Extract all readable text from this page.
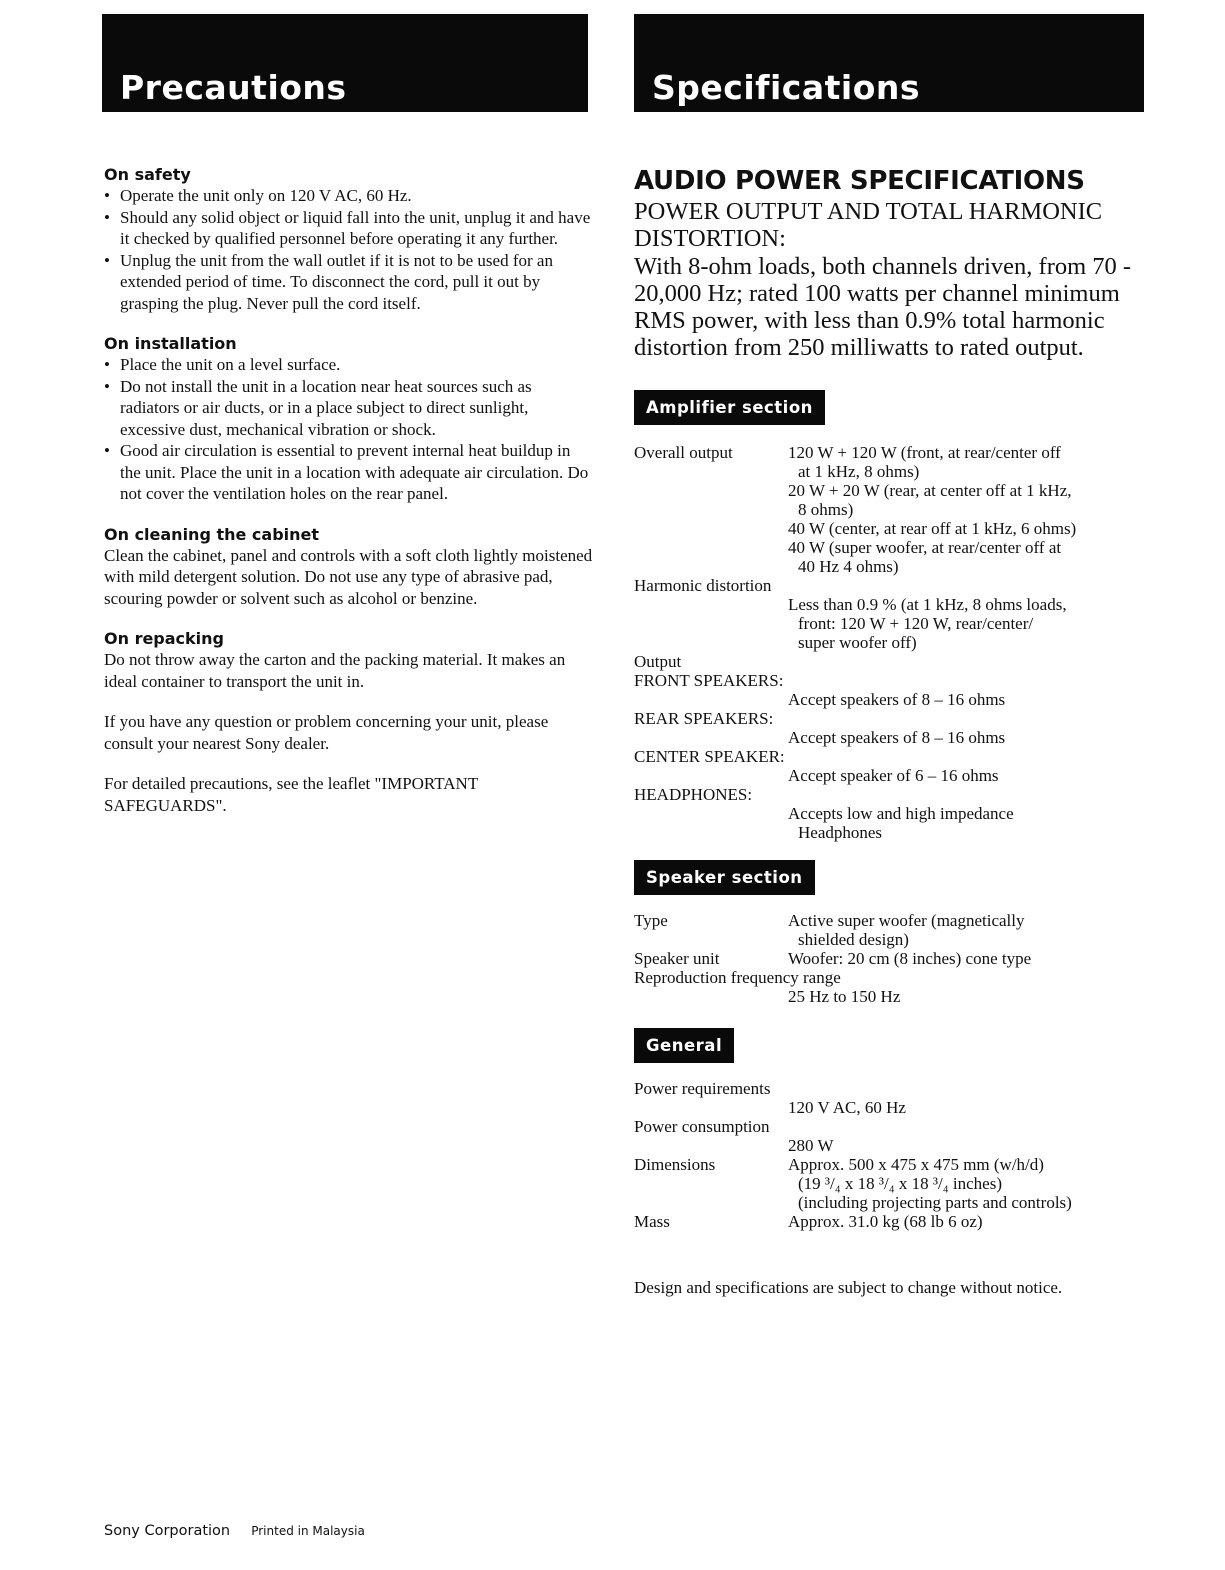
Precautions	Specifications
On safety
• Operate the unit only on 120 V AC, 60 Hz.
• Should any solid object or liquid fall into the unit, unplug it and have it checked by qualified personnel before operating it any further.
• Unplug the unit from the wall outlet if it is not to be used for an extended period of time. To disconnect the cord, pull it out by grasping the plug. Never pull the cord itself.
On installation
• Place the unit on a level surface.
• Do not install the unit in a location near heat sources such as radiators or air ducts, or in a place subject to direct sunlight, excessive dust, mechanical vibration or shock.
• Good air circulation is essential to prevent internal heat buildup in the unit. Place the unit in a location with adequate air circulation. Do not cover the ventilation holes on the rear panel.
On cleaning the cabinet

Clean the cabinet, panel and controls with a soft cloth lightly moistened with mild detergent solution. Do not use any type of abrasive pad, scouring powder or solvent such as alcohol or benzine.

On repacking

Do not throw away the carton and the packing material. It makes an ideal container to transport the unit in.

If you have any question or problem concerning your unit, please consult your nearest Sony dealer.

For detailed precautions, see the leaflet "IMPORTANT SAFEGUARDS".

AUDIO POWER SPECIFICATIONS

POWER OUTPUT AND TOTAL HARMONIC DISTORTION:

With 8-ohm loads, both channels driven, from 70 - 20,000 Hz; rated 100 watts per channel minimum RMS power, with less than 0.9% total harmonic distortion from 250 milliwatts to rated output.

Amplifier section
Overall output	120 W + 120 W (front, at rear/center off
at 1 kHz, 8 ohms)
20 W + 20 W (rear, at center off at 1 kHz,
8 ohms)
40 W (center, at rear off at 1 kHz, 6 ohms)
40 W (super woofer, at rear/center off at
40 Hz 4 ohms)
Harmonic distortion
Less than 0.9 % (at 1 kHz, 8 ohms loads,
front: 120 W + 120 W, rear/center/
super woofer off)
Output
FRONT SPEAKERS:
Accept speakers of 8 – 16 ohms
REAR SPEAKERS:
Accept speakers of 8 – 16 ohms
CENTER SPEAKER:
Accept speaker of 6 – 16 ohms
HEADPHONES:
Accepts low and high impedance
Headphones
Speaker section
Type	Active super woofer (magnetically
shielded design)
Speaker unit	Woofer: 20 cm (8 inches) cone type
Reproduction frequency range
25 Hz to 150 Hz
General
Power requirements
120 V AC, 60 Hz
Power consumption
280 W
Dimensions	Approx. 500 x 475 x 475 mm (w/h/d)
(19 ³/₄ x 18 ³/₄ x 18 ³/₄ inches)
(including projecting parts and controls)
Mass	Approx. 31.0 kg (68 lb 6 oz)

Design and specifications are subject to change without notice.

Sony Corporation Printed in Malaysia
